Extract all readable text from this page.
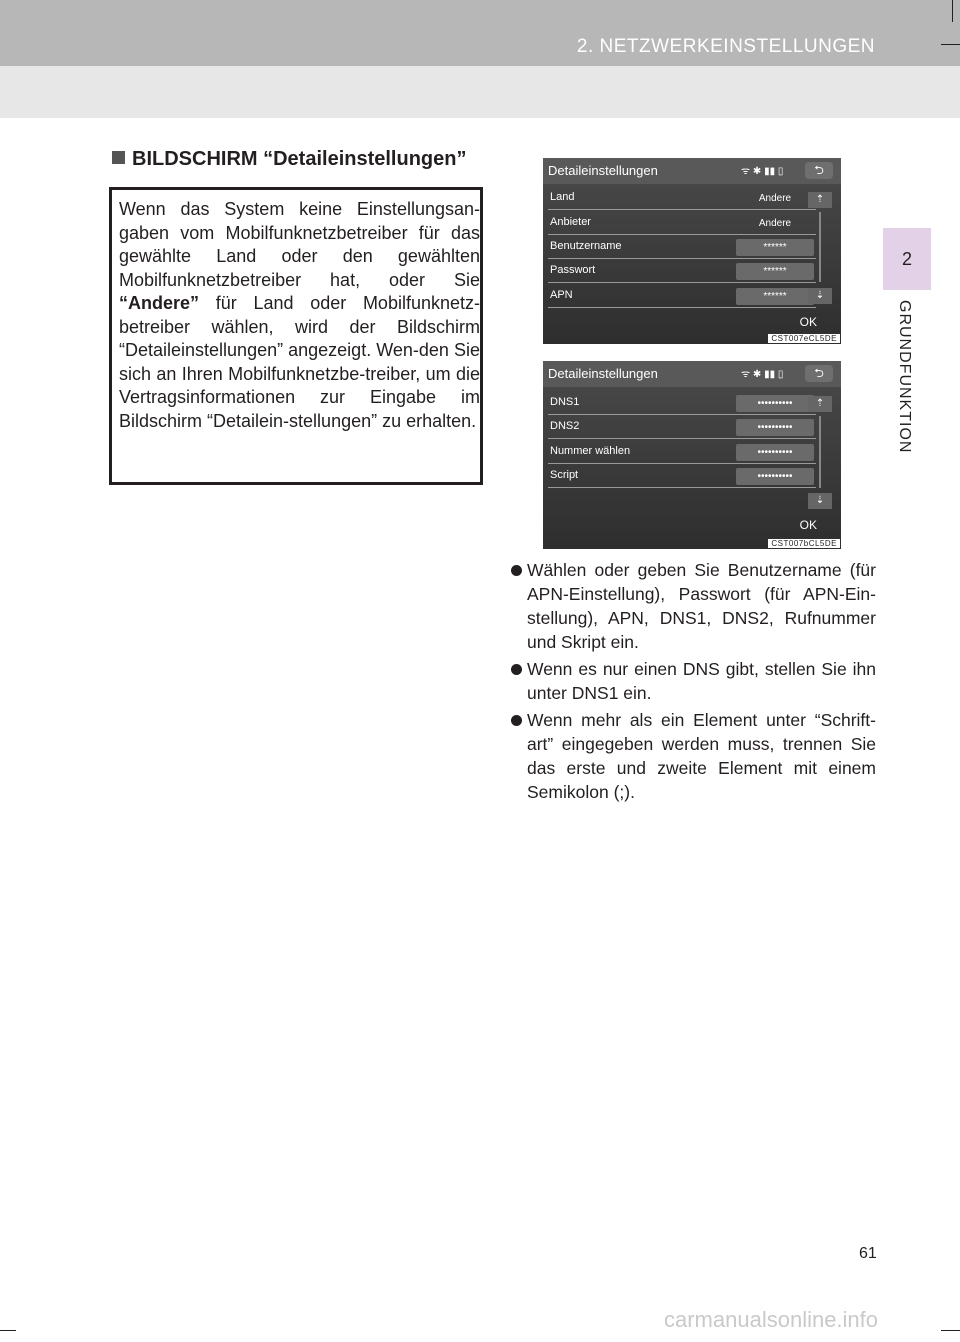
2. NETZWERKEINSTELLUNGEN
2
GRUNDFUNKTION
BILDSCHIRM “Detaileinstellungen”

Wenn das System keine Einstellungsan-gaben vom Mobilfunknetzbetreiber für das gewählte Land oder den gewählten Mobilfunknetzbetreiber hat, oder Sie “Andere” für Land oder Mobilfunknetz-betreiber wählen, wird der Bildschirm “Detaileinstellungen” angezeigt. Wen-den Sie sich an Ihren Mobilfunknetzbe-treiber, um die Vertragsinformationen zur Eingabe im Bildschirm “Detailein-stellungen” zu erhalten.

Detaileinstellungen	ᯤ ✱ ▮▮ ▯	⮌
Land	Andere
Anbieter	Andere
Benutzername	******
Passwort	******
APN	******
⇡
⇣
OK
CST007eCL5DE
Detaileinstellungen	ᯤ ✱ ▮▮ ▯	⮌
DNS1	••••••••••
DNS2	••••••••••
Nummer wählen	••••••••••
Script	••••••••••
⇡
⇣
OK
CST007bCL5DE
Wählen oder geben Sie Benutzername (für APN-Einstellung), Passwort (für APN-Ein-stellung), APN, DNS1, DNS2, Rufnummer und Skript ein.
Wenn es nur einen DNS gibt, stellen Sie ihn unter DNS1 ein.
Wenn mehr als ein Element unter “Schrift-art” eingegeben werden muss, trennen Sie das erste und zweite Element mit einem Semikolon (;).
61
carmanualsonline.info
